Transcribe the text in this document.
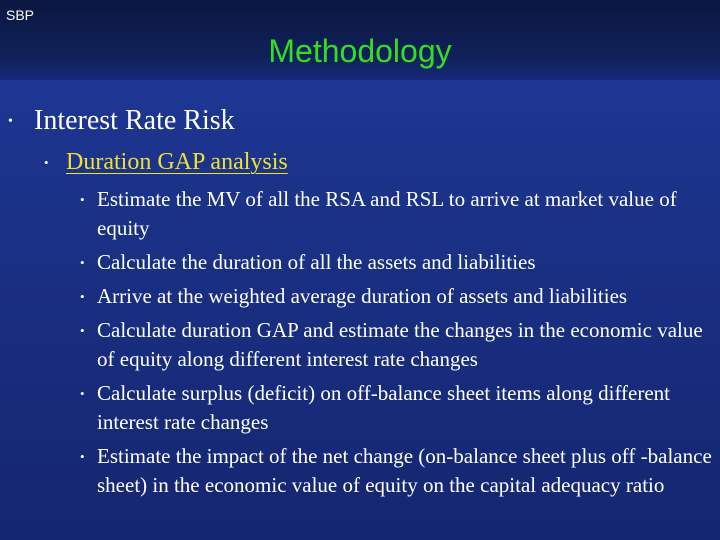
SBP
Methodology
• Interest Rate Risk
• Duration GAP analysis
• Estimate the MV of all the RSA and RSL to arrive at market value of equity
• Calculate the duration of all the assets and liabilities
• Arrive at the weighted average duration of assets and liabilities
• Calculate duration GAP and estimate the changes in the economic value of equity along different interest rate changes
• Calculate surplus (deficit) on off-balance sheet items along different interest rate changes
• Estimate the impact of the net change (on-balance sheet plus off -balance sheet) in the economic value of equity on the capital adequacy ratio
